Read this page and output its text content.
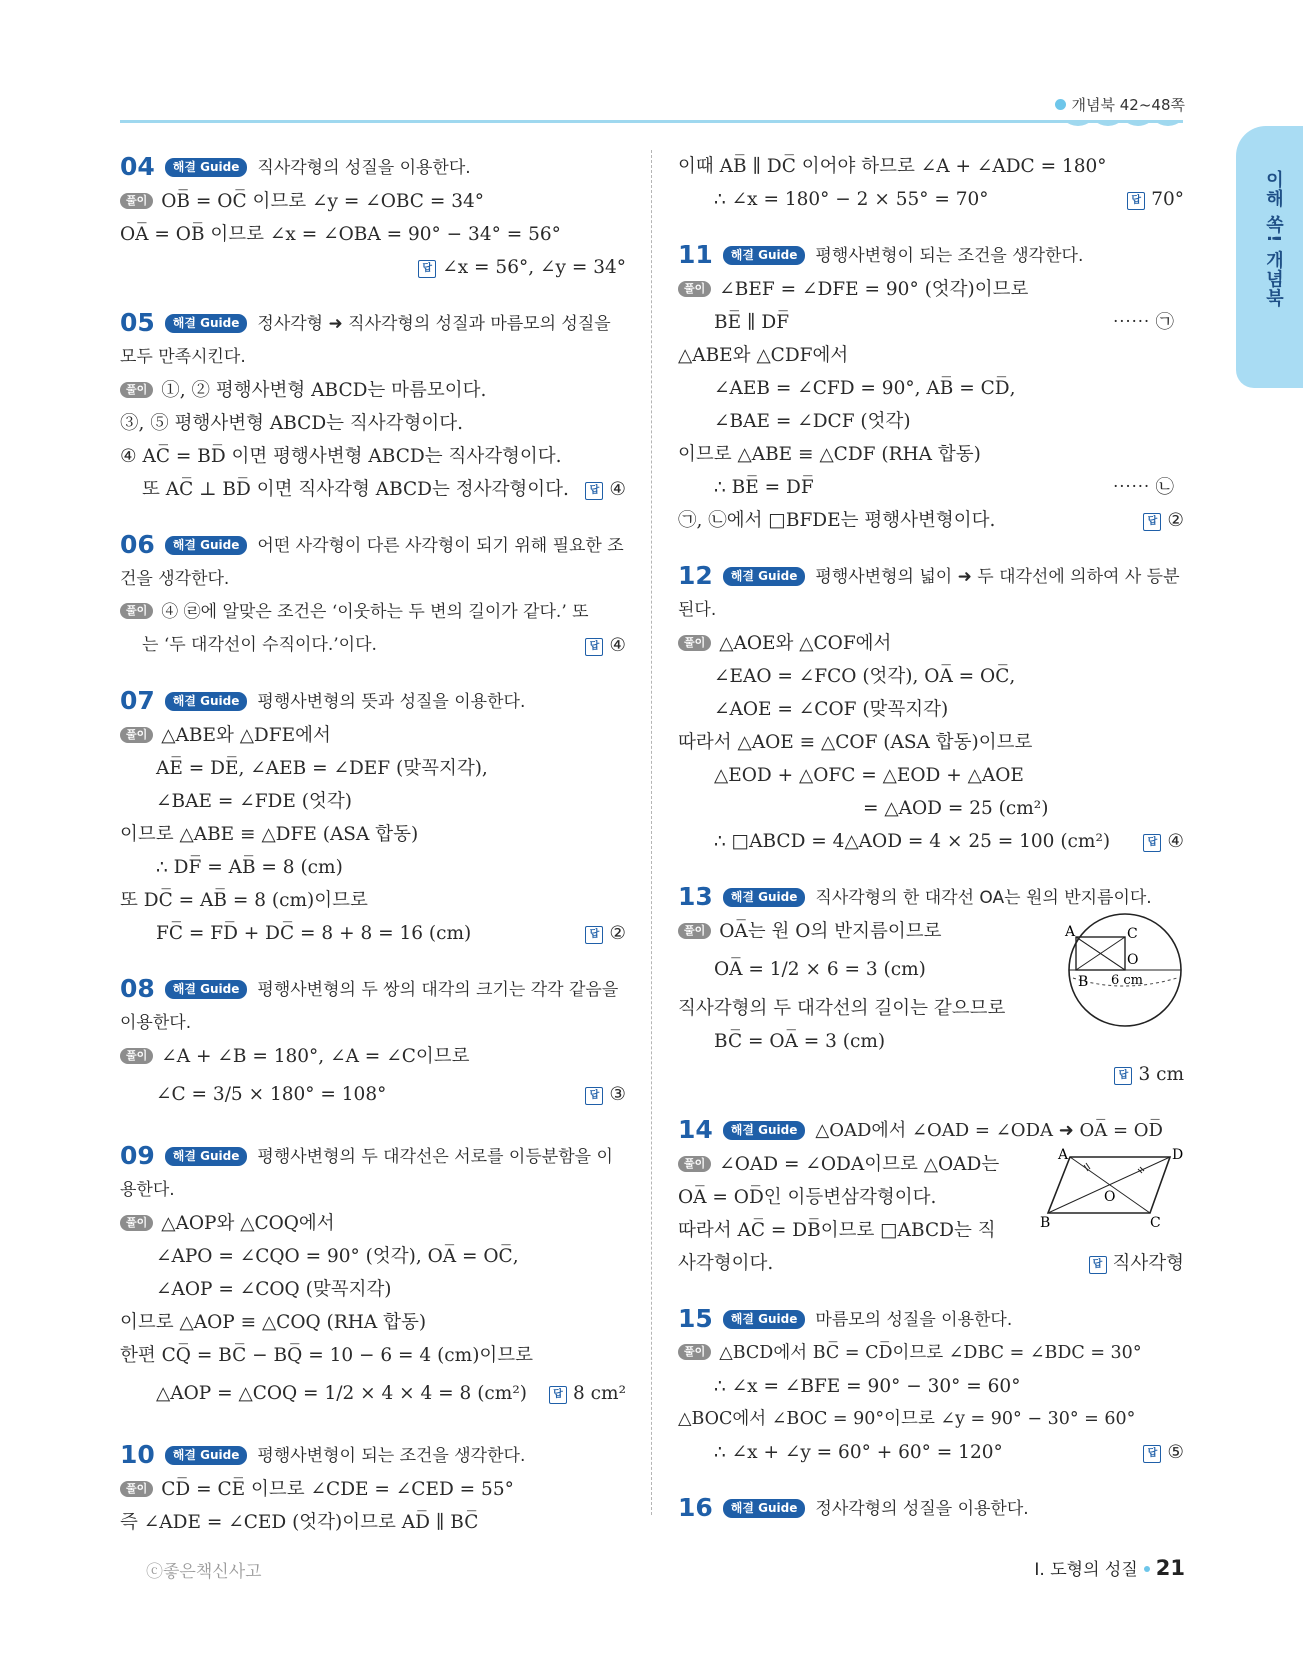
개념북 42~48쪽
이해 쏙! 개념북
04 해결 Guide 직사각형의 성질을 이용한다.
풀이 OB̅ = OC̅ 이므로 ∠y = ∠OBC = 34°
OA̅ = OB̅ 이므로 ∠x = ∠OBA = 90° − 34° = 56°
답 ∠x = 56°, ∠y = 34°
05 해결 Guide 정사각형 ➜ 직사각형의 성질과 마름모의 성질을
모두 만족시킨다.
풀이 ①, ② 평행사변형 ABCD는 마름모이다.
③, ⑤ 평행사변형 ABCD는 직사각형이다.
④ AC̅ = BD̅ 이면 평행사변형 ABCD는 직사각형이다.
또 AC̅ ⊥ BD̅ 이면 직사각형 ABCD는 정사각형이다.	답 ④
06 해결 Guide 어떤 사각형이 다른 사각형이 되기 위해 필요한 조
건을 생각한다.
풀이 ④ ㉣에 알맞은 조건은 ‘이웃하는 두 변의 길이가 같다.’ 또
는 ‘두 대각선이 수직이다.’이다.	답 ④
07 해결 Guide 평행사변형의 뜻과 성질을 이용한다.
풀이 △ABE와 △DFE에서
AE̅ = DE̅, ∠AEB = ∠DEF (맞꼭지각),
∠BAE = ∠FDE (엇각)
이므로 △ABE ≡ △DFE (ASA 합동)
∴ DF̅ = AB̅ = 8 (cm)
또 DC̅ = AB̅ = 8 (cm)이므로
FC̅ = FD̅ + DC̅ = 8 + 8 = 16 (cm)	답 ②
08 해결 Guide 평행사변형의 두 쌍의 대각의 크기는 각각 같음을
이용한다.
풀이 ∠A + ∠B = 180°, ∠A = ∠C이므로
∠C = 3/5 × 180° = 108°	답 ③
09 해결 Guide 평행사변형의 두 대각선은 서로를 이등분함을 이
용한다.
풀이 △AOP와 △COQ에서
∠APO = ∠CQO = 90° (엇각), OA̅ = OC̅,
∠AOP = ∠COQ (맞꼭지각)
이므로 △AOP ≡ △COQ (RHA 합동)
한편 CQ̅ = BC̅ − BQ̅ = 10 − 6 = 4 (cm)이므로
△AOP = △COQ = 1/2 × 4 × 4 = 8 (cm²)	답 8 cm²
10 해결 Guide 평행사변형이 되는 조건을 생각한다.
풀이 CD̅ = CE̅ 이므로 ∠CDE = ∠CED = 55°
즉 ∠ADE = ∠CED (엇각)이므로 AD̅ ∥ BC̅
이때 AB̅ ∥ DC̅ 이어야 하므로 ∠A + ∠ADC = 180°
∴ ∠x = 180° − 2 × 55° = 70°	답 70°
11 해결 Guide 평행사변형이 되는 조건을 생각한다.
풀이 ∠BEF = ∠DFE = 90° (엇각)이므로
BE̅ ∥ DF̅	⋯⋯ ㉠
△ABE와 △CDF에서
∠AEB = ∠CFD = 90°, AB̅ = CD̅,
∠BAE = ∠DCF (엇각)
이므로 △ABE ≡ △CDF (RHA 합동)
∴ BE̅ = DF̅	⋯⋯ ㉡
㉠, ㉡에서 □BFDE는 평행사변형이다.	답 ②
12 해결 Guide 평행사변형의 넓이 ➜ 두 대각선에 의하여 사 등분
된다.
풀이 △AOE와 △COF에서
∠EAO = ∠FCO (엇각), OA̅ = OC̅,
∠AOE = ∠COF (맞꼭지각)
따라서 △AOE ≡ △COF (ASA 합동)이므로
△EOD + △OFC = △EOD + △AOE
= △AOD = 25 (cm²)
∴ □ABCD = 4△AOD = 4 × 25 = 100 (cm²)	답 ④
13 해결 Guide 직사각형의 한 대각선 OA는 원의 반지름이다.
풀이 OA̅는 원 O의 반지름이므로
OA̅ = 1/2 × 6 = 3 (cm)
직사각형의 두 대각선의 길이는 같으므로
BC̅ = OA̅ = 3 (cm)
답 3 cm
A	C
O
B 6 cm
14 해결 Guide △OAD에서 ∠OAD = ∠ODA ➜ OA̅ = OD̅
풀이 ∠OAD = ∠ODA이므로 △OAD는
OA̅ = OD̅인 이등변삼각형이다.
따라서 AC̅ = DB̅이므로 □ABCD는 직
사각형이다.	답 직사각형
A	D
O
B	C
15 해결 Guide 마름모의 성질을 이용한다.
풀이 △BCD에서 BC̅ = CD̅이므로 ∠DBC = ∠BDC = 30°
∴ ∠x = ∠BFE = 90° − 30° = 60°
△BOC에서 ∠BOC = 90°이므로 ∠y = 90° − 30° = 60°
∴ ∠x + ∠y = 60° + 60° = 120°	답 ⑤
16 해결 Guide 정사각형의 성질을 이용한다.
ⓒ좋은책신사고	Ⅰ. 도형의 성질 21
